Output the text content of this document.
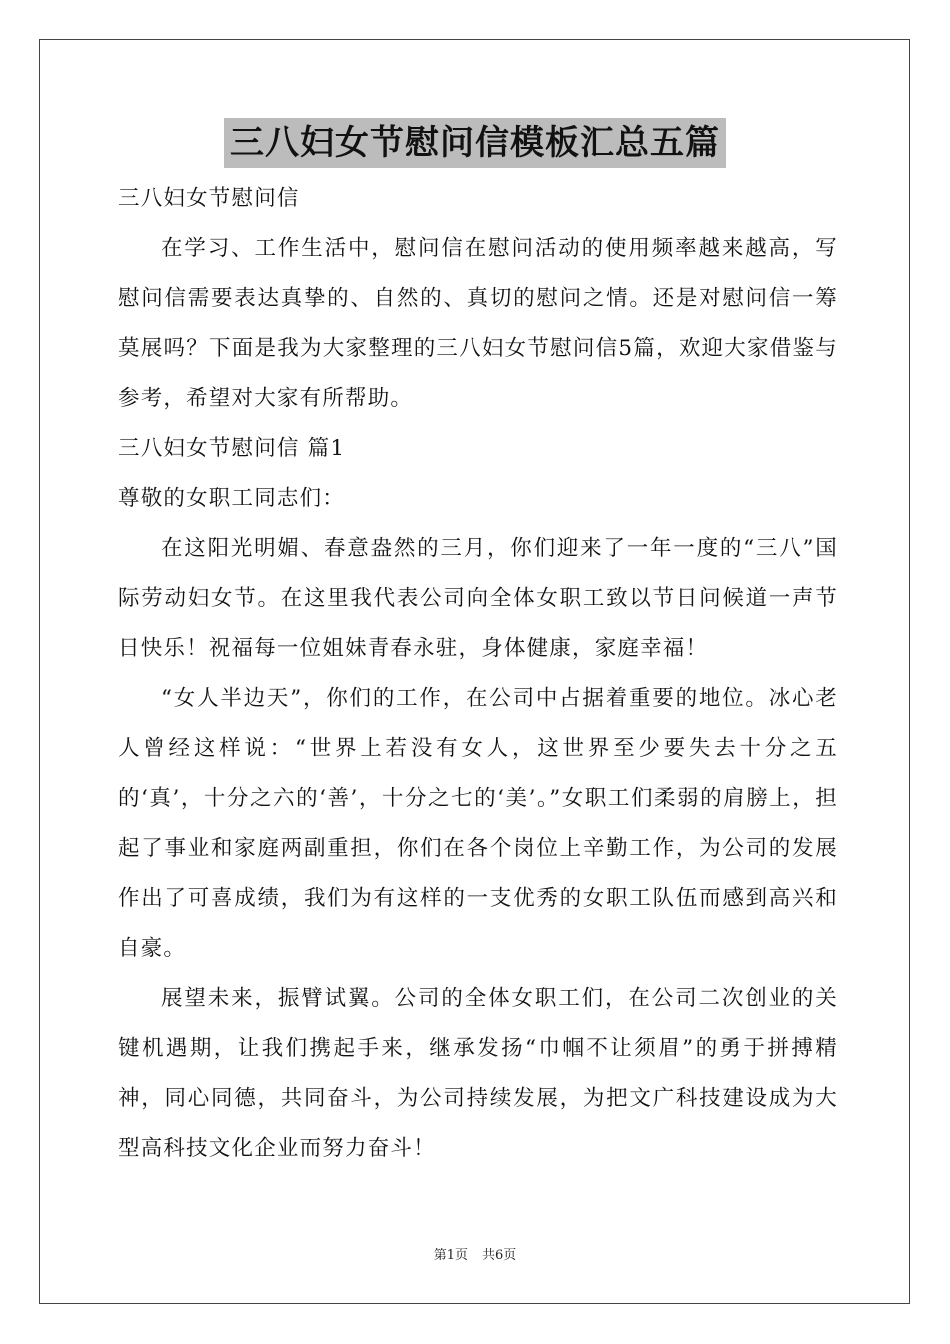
三八妇女节慰问信模板汇总五篇

三八妇女节慰问信

在学习、工作生活中，慰问信在慰问活动的使用频率越来越高，写慰问信需要表达真挚的、自然的、真切的慰问之情。还是对慰问信一筹莫展吗？下面是我为大家整理的三八妇女节慰问信5篇，欢迎大家借鉴与参考，希望对大家有所帮助。

三八妇女节慰问信 篇1

尊敬的女职工同志们：

在这阳光明媚、春意盎然的三月，你们迎来了一年一度的“三八”国际劳动妇女节。在这里我代表公司向全体女职工致以节日问候道一声节日快乐！祝福每一位姐妹青春永驻，身体健康，家庭幸福！

“女人半边天”，你们的工作，在公司中占据着重要的地位。冰心老人曾经这样说：“世界上若没有女人，这世界至少要失去十分之五的‘真’，十分之六的‘善’，十分之七的‘美’。”女职工们柔弱的肩膀上，担起了事业和家庭两副重担，你们在各个岗位上辛勤工作，为公司的发展作出了可喜成绩，我们为有这样的一支优秀的女职工队伍而感到高兴和自豪。

展望未来，振臂试翼。公司的全体女职工们，在公司二次创业的关键机遇期，让我们携起手来，继承发扬“巾帼不让须眉”的勇于拼搏精神，同心同德，共同奋斗，为公司持续发展，为把文广科技建设成为大型高科技文化企业而努力奋斗！

第1页 共6页
